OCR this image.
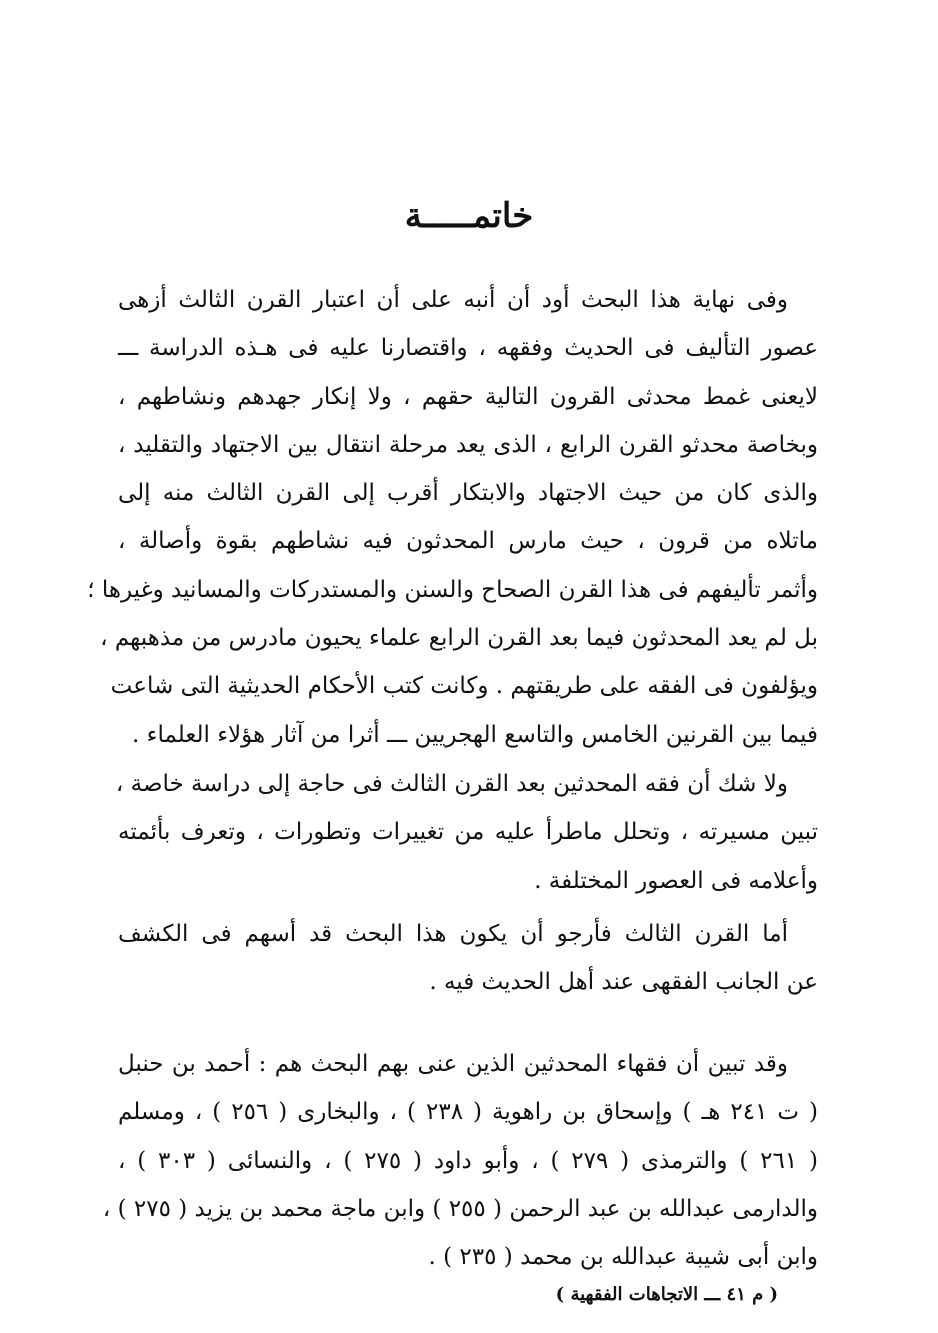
خاتمـــــة
وفى نهاية هذا البحث أود أن أنبه على أن اعتبار القرن الثالث أزهى
عصور التأليف فى الحديث وفقهه ، واقتصارنا عليه فى هـذه الدراسة ـــ
لايعنى غمط محدثى القرون التالية حقهم ، ولا إنكار جهدهم ونشاطهم ،
وبخاصة محدثو القرن الرابع ، الذى يعد مرحلة انتقال بين الاجتهاد والتقليد ،
والذى كان من حيث الاجتهاد والابتكار أقرب إلى القرن الثالث منه إلى
ماتلاه من قرون ، حيث مارس المحدثون فيه نشاطهم بقوة وأصالة ،
وأثمر تأليفهم فى هذا القرن الصحاح والسنن والمستدركات والمسانيد وغيرها ؛
بل لم يعد المحدثون فيما بعد القرن الرابع علماء يحيون مادرس من مذهبهم ،
ويؤلفون فى الفقه على طريقتهم . وكانت كتب الأحكام الحديثية التى شاعت
فيما بين القرنين الخامس والتاسع الهجريين ـــ أثرا من آثار هؤلاء العلماء .
ولا شك أن فقه المحدثين بعد القرن الثالث فى حاجة إلى دراسة خاصة ،
تبين مسيرته ، وتحلل ماطرأ عليه من تغييرات وتطورات ، وتعرف بأئمته
وأعلامه فى العصور المختلفة .
أما القرن الثالث فأرجو أن يكون هذا البحث قد أسهم فى الكشف
عن الجانب الفقهى عند أهل الحديث فيه .
وقد تبين أن فقهاء المحدثين الذين عنى بهم البحث هم : أحمد بن حنبل
( ت ٢٤١ هـ ) وإسحاق بن راهوية ( ٢٣٨ ) ، والبخارى ( ٢٥٦ ) ، ومسلم
( ٢٦١ ) والترمذى ( ٢٧٩ ) ، وأبو داود ( ٢٧٥ ) ، والنسائى ( ٣٠٣ ) ،
والدارمى عبدالله بن عبد الرحمن ( ٢٥٥ ) وابن ماجة محمد بن يزيد ( ٢٧٥ ) ،
وابن أبى شيبة عبدالله بن محمد ( ٢٣٥ ) .
( م ٤١ ـــ الاتجاهات الفقهية )
